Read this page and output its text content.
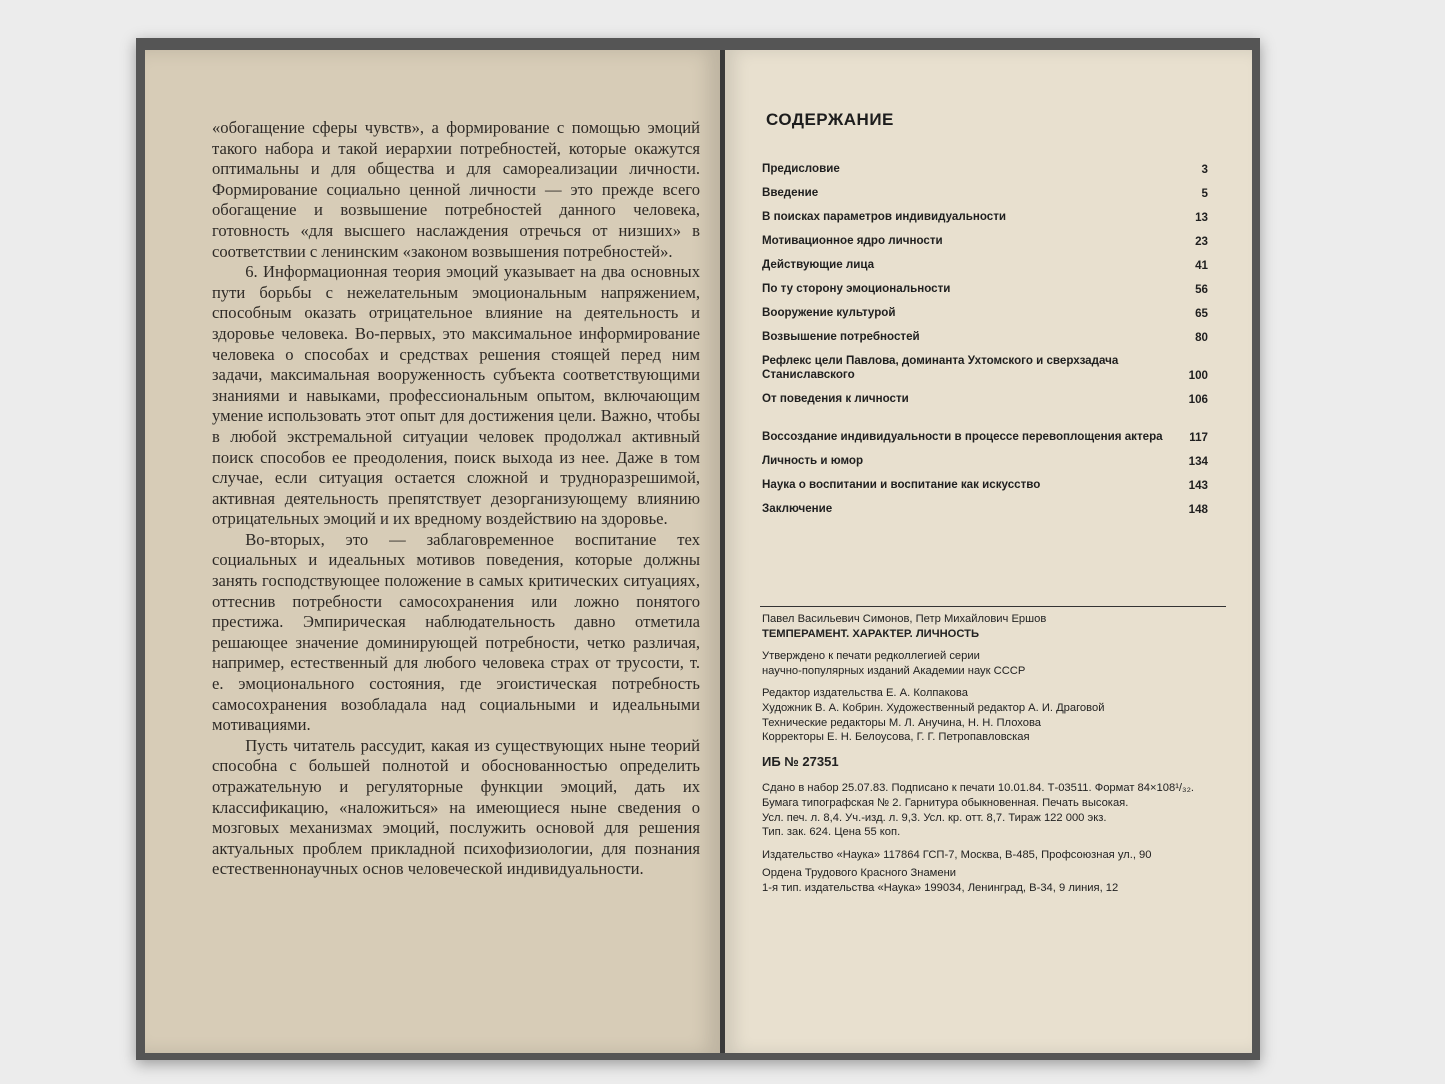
«обогащение сферы чувств», а формирование с помощью эмоций такого набора и такой иерархии потребностей, которые окажутся оптимальны и для общества и для самореализации личности. Формирование социально ценной личности — это прежде всего обогащение и возвышение потребностей данного человека, готовность «для высшего наслаждения отречься от низших» в соответствии с ленинским «законом возвышения потребностей».

6. Информационная теория эмоций указывает на два основных пути борьбы с нежелательным эмоциональным напряжением, способным оказать отрицательное влияние на деятельность и здоровье человека. Во-первых, это максимальное информирование человека о способах и средствах решения стоящей перед ним задачи, максимальная вооруженность субъекта соответствующими знаниями и навыками, профессиональным опытом, включающим умение использовать этот опыт для достижения цели. Важно, чтобы в любой экстремальной ситуации человек продолжал активный поиск способов ее преодоления, поиск выхода из нее. Даже в том случае, если ситуация остается сложной и трудноразрешимой, активная деятельность препятствует дезорганизующему влиянию отрицательных эмоций и их вредному воздействию на здоровье.

Во-вторых, это — заблаговременное воспитание тех социальных и идеальных мотивов поведения, которые должны занять господствующее положение в самых критических ситуациях, оттеснив потребности самосохранения или ложно понятого престижа. Эмпирическая наблюдательность давно отметила решающее значение доминирующей потребности, четко различая, например, естественный для любого человека страх от трусости, т. е. эмоционального состояния, где эгоистическая потребность самосохранения возобладала над социальными и идеальными мотивациями.

Пусть читатель рассудит, какая из существующих ныне теорий способна с большей полнотой и обоснованностью определить отражательную и регуляторные функции эмоций, дать их классификацию, «наложиться» на имеющиеся ныне сведения о мозговых механизмах эмоций, послужить основой для решения актуальных проблем прикладной психофизиологии, для познания естественнонаучных основ человеческой индивидуальности.

СОДЕРЖАНИЕ
Предисловие	3
Введение	5
В поисках параметров индивидуальности	13
Мотивационное ядро личности	23
Действующие лица	41
По ту сторону эмоциональности	56
Вооружение культурой	65
Возвышение потребностей	80
Рефлекс цели Павлова, доминанта Ухтомского и сверхзадача Станиславского	100
От поведения к личности	106
Воссоздание индивидуальности в процессе перевоплощения актера	117
Личность и юмор	134
Наука о воспитании и воспитание как искусство	143
Заключение	148
Павел Васильевич Симонов, Петр Михайлович Ершов
ТЕМПЕРАМЕНТ. ХАРАКТЕР. ЛИЧНОСТЬ
Утверждено к печати редколлегией серии
научно-популярных изданий Академии наук СССР
Редактор издательства Е. А. Колпакова
Художник В. А. Кобрин. Художественный редактор А. И. Драговой
Технические редакторы М. Л. Анучина, Н. Н. Плохова
Корректоры Е. Н. Белоусова, Г. Г. Петропавловская
ИБ № 27351
Сдано в набор 25.07.83. Подписано к печати 10.01.84. Т-03511. Формат 84×108¹/₃₂.
Бумага типографская № 2. Гарнитура обыкновенная. Печать высокая.
Усл. печ. л. 8,4. Уч.-изд. л. 9,3. Усл. кр. отт. 8,7. Тираж 122 000 экз.
Тип. зак. 624. Цена 55 коп.
Издательство «Наука» 117864 ГСП-7, Москва, В-485, Профсоюзная ул., 90
Ордена Трудового Красного Знамени
1-я тип. издательства «Наука» 199034, Ленинград, В-34, 9 линия, 12
